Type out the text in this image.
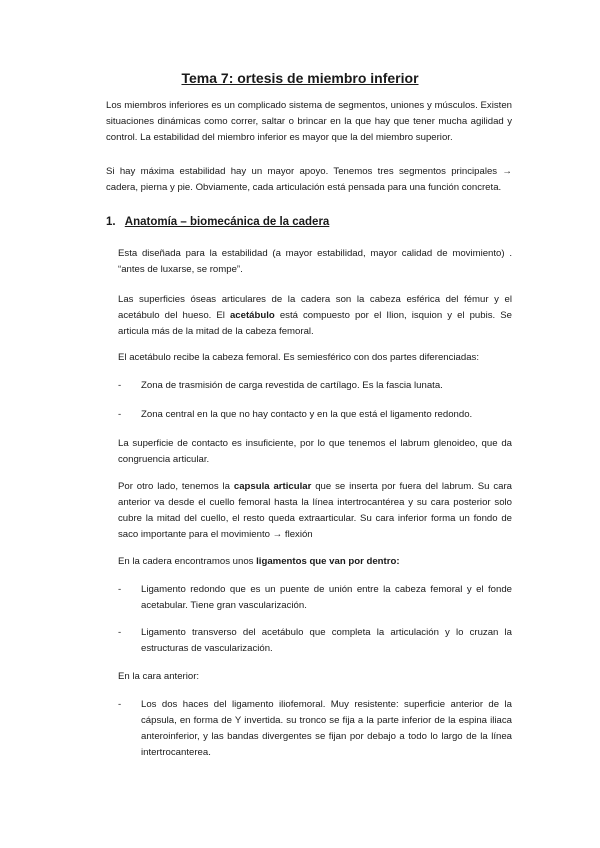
Tema 7: ortesis de miembro inferior

Los miembros inferiores es un complicado sistema de segmentos, uniones y músculos. Existen situaciones dinámicas como correr, saltar o brincar en la que hay que tener mucha agilidad y control. La estabilidad del miembro inferior es mayor que la del miembro superior.

Si hay máxima estabilidad hay un mayor apoyo. Tenemos tres segmentos principales → cadera, pierna y pie. Obviamente, cada articulación está pensada para una función concreta.

1. Anatomía – biomecánica de la cadera

Esta diseñada para la estabilidad (a mayor estabilidad, mayor calidad de movimiento) . “antes de luxarse, se rompe”.

Las superficies óseas articulares de la cadera son la cabeza esférica del fémur y el acetábulo del hueso. El acetábulo está compuesto por el Ilion, isquion y el pubis. Se articula más de la mitad de la cabeza femoral.

El acetábulo recibe la cabeza femoral. Es semiesférico con dos partes diferenciadas:

- Zona de trasmisión de carga revestida de cartílago. Es la fascia lunata.

- Zona central en la que no hay contacto y en la que está el ligamento redondo.

La superficie de contacto es insuficiente, por lo que tenemos el labrum glenoideo, que da congruencia articular.

Por otro lado, tenemos la capsula articular que se inserta por fuera del labrum. Su cara anterior va desde el cuello femoral hasta la línea intertrocantérea y su cara posterior solo cubre la mitad del cuello, el resto queda extraarticular. Su cara inferior forma un fondo de saco importante para el movimiento → flexión

En la cadera encontramos unos ligamentos que van por dentro:

- Ligamento redondo que es un puente de unión entre la cabeza femoral y el fonde acetabular. Tiene gran vascularización.

- Ligamento transverso del acetábulo que completa la articulación y lo cruzan la estructuras de vascularización.

En la cara anterior:

- Los dos haces del ligamento iliofemoral. Muy resistente: superficie anterior de la cápsula, en forma de Y invertida. su tronco se fija a la parte inferior de la espina iliaca anteroinferior, y las bandas divergentes se fijan por debajo a todo lo largo de la línea intertrocanterea.
